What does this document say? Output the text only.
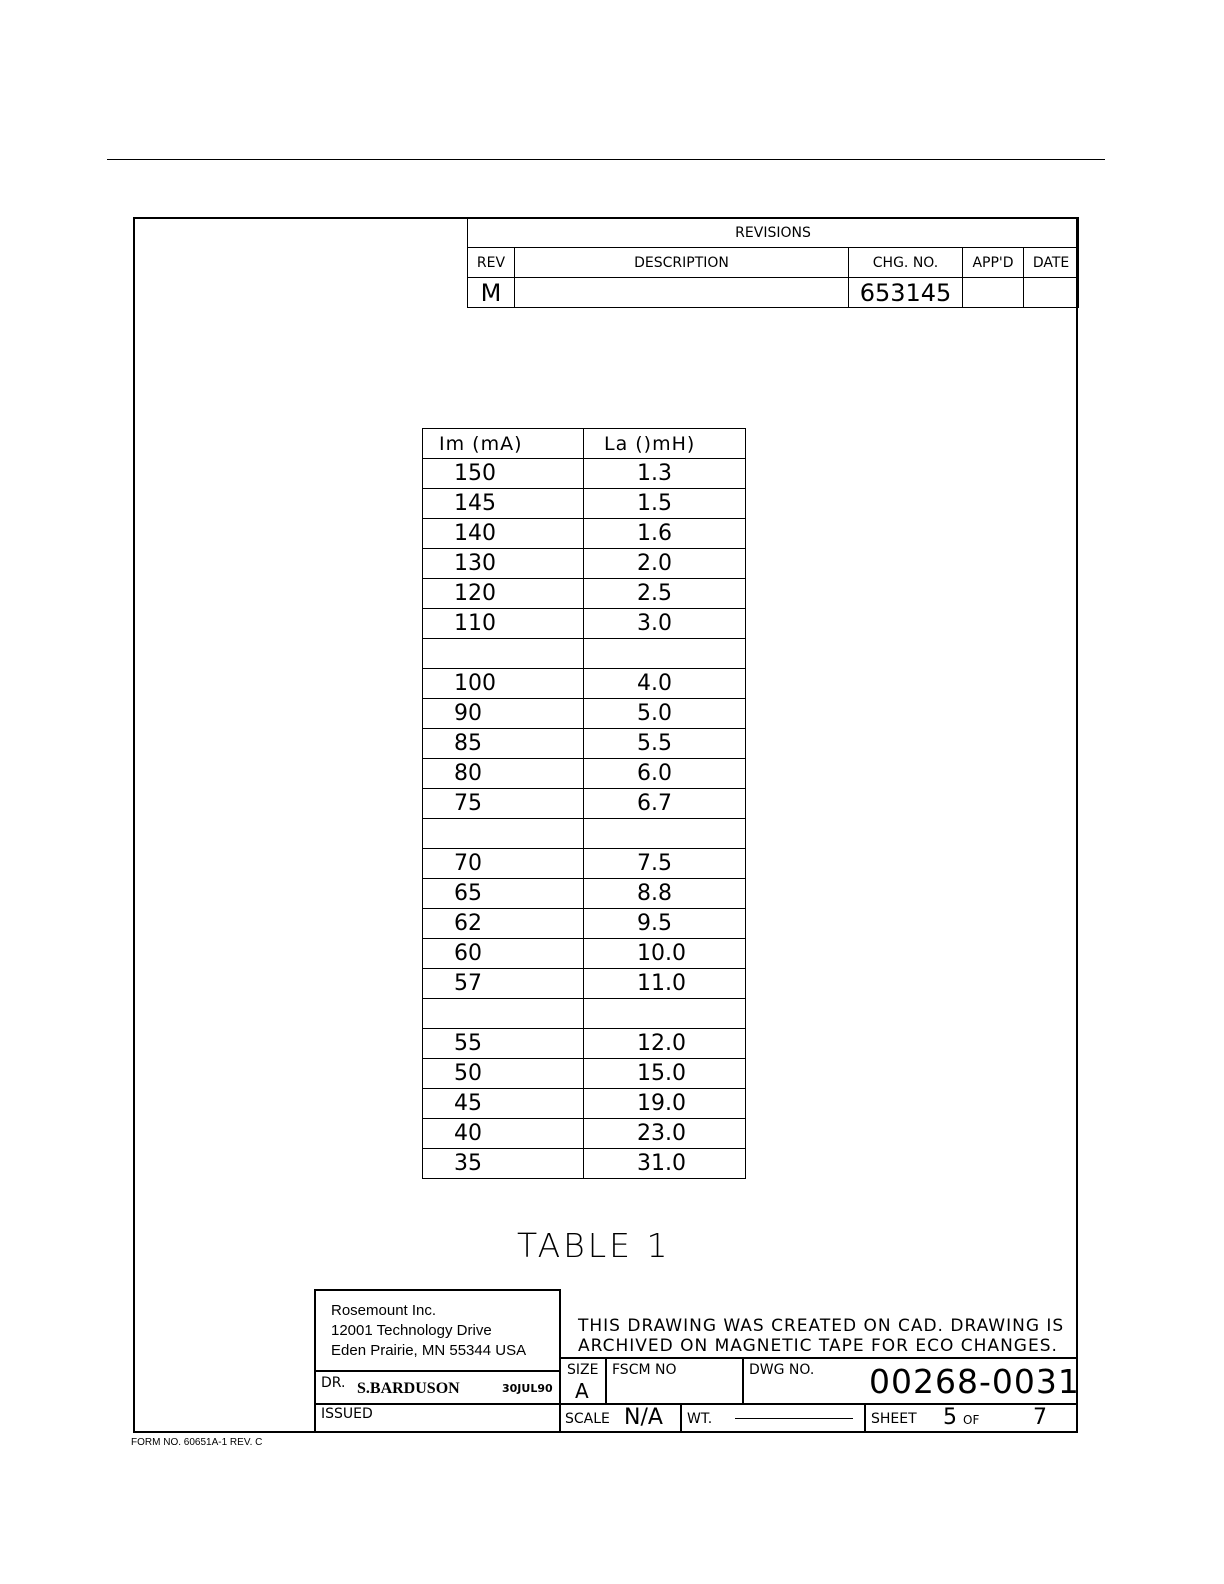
REVISIONS				
REV	DESCRIPTION	CHG. NO.	APP'D	DATE
M		653145		
Im (mA)	La ()mH)
150	1.3
145	1.5
140	1.6
130	2.0
120	2.5
110	3.0

100	4.0
90	5.0
85	5.5
80	6.0
75	6.7

70	7.5
65	8.8
62	9.5
60	10.0
57	11.0

55	12.0
50	15.0
45	19.0
40	23.0
35	31.0
TABLE 1
Rosemount Inc.
12001 Technology Drive
Eden Prairie, MN 55344 USA
THIS DRAWING WAS CREATED ON CAD. DRAWING IS
ARCHIVED ON MAGNETIC TAPE FOR ECO CHANGES.
DR. S.BARDUSON	30JUL90
ISSUED
SIZE
A
FSCM NO	DWG NO. 00268-0031
SCALE N/A WT.	SHEET 5 OF 7
FORM NO. 60651A-1 REV. C
